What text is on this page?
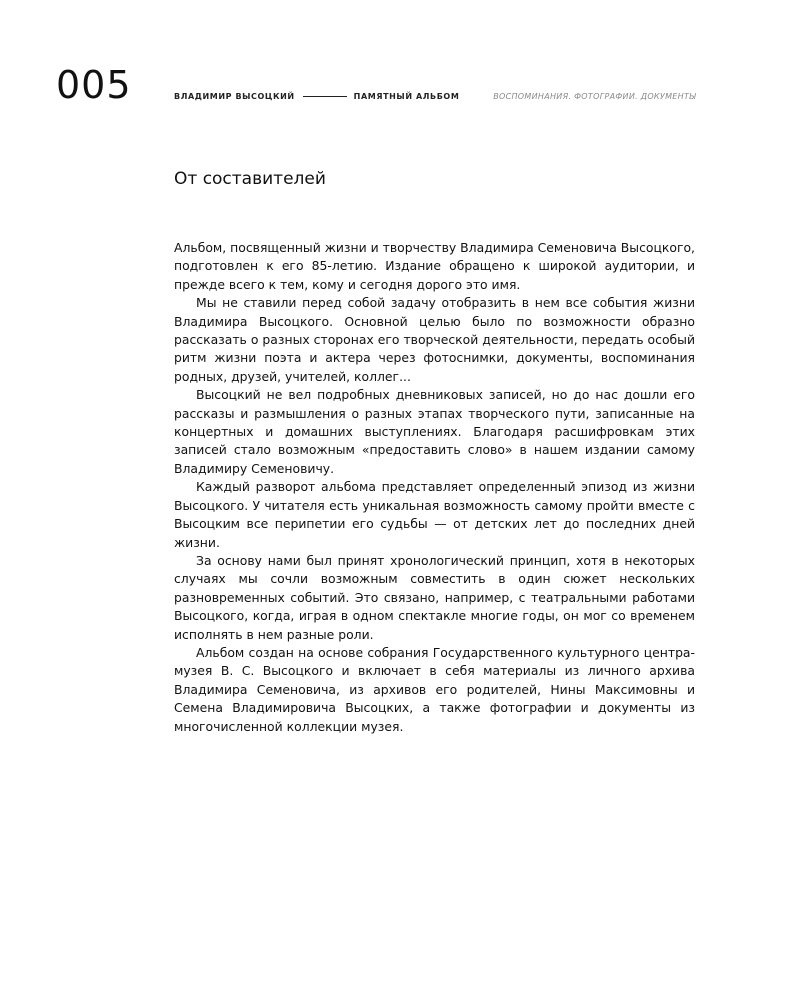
005	ВЛАДИМИР ВЫСОЦКИЙ	ПАМЯТНЫЙ АЛЬБОМ	ВОСПОМИНАНИЯ. ФОТОГРАФИИ. ДОКУМЕНТЫ
От составителей

Альбом, посвященный жизни и творчеству Владимира Семеновича Высоцкого, подготовлен к его 85-летию. Издание обращено к широкой аудитории, и прежде всего к тем, кому и сегодня дорого это имя.

Мы не ставили перед собой задачу отобразить в нем все события жизни Владимира Высоцкого. Основной целью было по возможности образно рассказать о разных сторонах его творческой деятельности, передать особый ритм жизни поэта и актера через фотоснимки, документы, воспоминания родных, друзей, учителей, коллег...

Высоцкий не вел подробных дневниковых записей, но до нас дошли его рассказы и размышления о разных этапах творческого пути, записанные на концертных и домашних выступлениях. Благодаря расшифровкам этих записей стало возможным «предоставить слово» в нашем издании самому Владимиру Семеновичу.

Каждый разворот альбома представляет определенный эпизод из жизни Высоцкого. У читателя есть уникальная возможность самому пройти вместе с Высоцким все перипетии его судьбы — от детских лет до последних дней жизни.

За основу нами был принят хронологический принцип, хотя в некоторых случаях мы сочли возможным совместить в один сюжет нескольких разновременных событий. Это связано, например, с театральными работами Высоцкого, когда, играя в одном спектакле многие годы, он мог со временем исполнять в нем разные роли.

Альбом создан на основе собрания Государственного культурного центра-музея В. С. Высоцкого и включает в себя материалы из личного архива Владимира Семеновича, из архивов его родителей, Нины Максимовны и Семена Владимировича Высоцких, а также фотографии и документы из многочисленной коллекции музея.
